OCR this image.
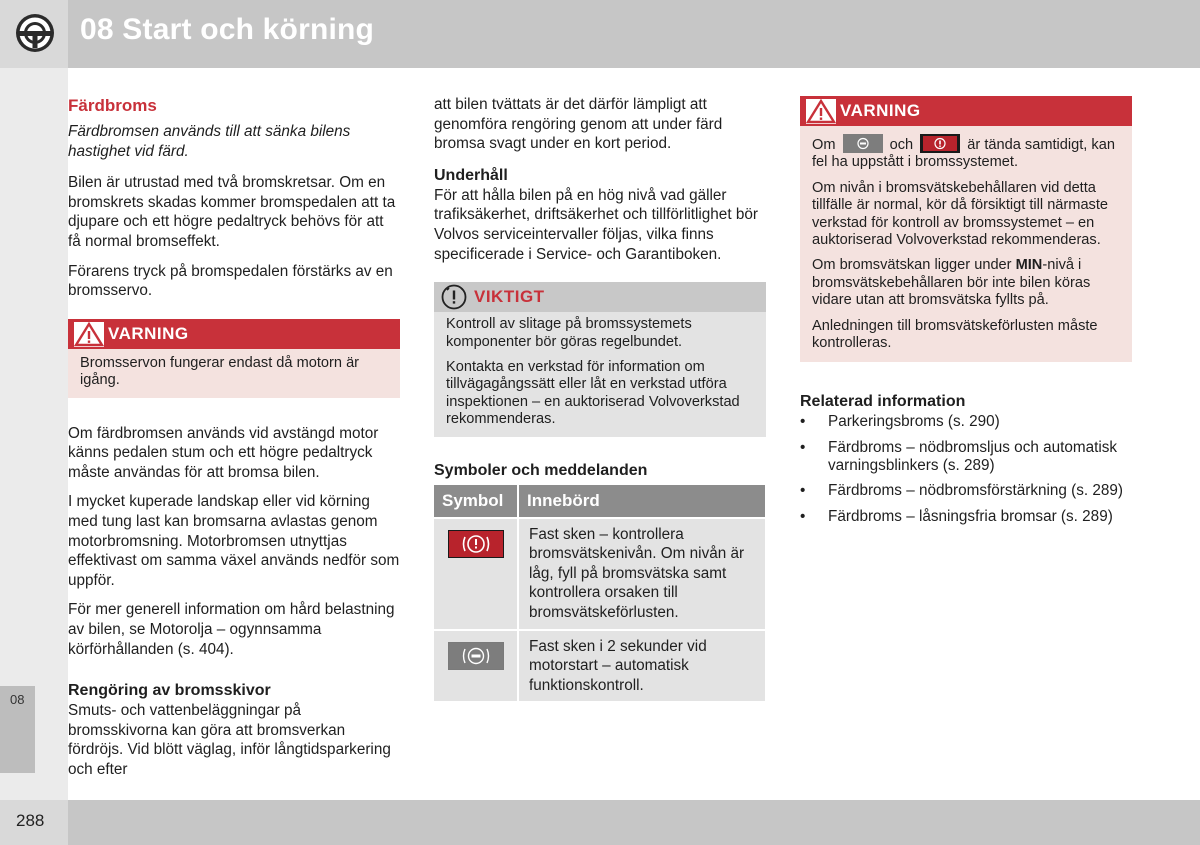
08 Start och körning
08
288
Färdbroms

Färdbromsen används till att sänka bilens hastighet vid färd.

Bilen är utrustad med två bromskretsar. Om en bromskrets skadas kommer bromspedalen att ta djupare och ett högre pedaltryck behövs för att få normal bromseffekt.

Förarens tryck på bromspedalen förstärks av en bromsservo.

VARNING

Bromsservon fungerar endast då motorn är igång.

Om färdbromsen används vid avstängd motor känns pedalen stum och ett högre pedaltryck måste användas för att bromsa bilen.

I mycket kuperade landskap eller vid körning med tung last kan bromsarna avlastas genom motorbromsning. Motorbromsen utnyttjas effektivast om samma växel används nedför som uppför.

För mer generell information om hård belastning av bilen, se Motorolja – ogynnsamma körförhållanden (s. 404).

Rengöring av bromsskivor

Smuts- och vattenbeläggningar på bromsskivorna kan göra att bromsverkan fördröjs. Vid blött väglag, inför långtidsparkering och efter

att bilen tvättats är det därför lämpligt att genomföra rengöring genom att under färd bromsa svagt under en kort period.

Underhåll

För att hålla bilen på en hög nivå vad gäller trafiksäkerhet, driftsäkerhet och tillförlitlighet bör Volvos serviceintervaller följas, vilka finns specificerade i Service- och Garantiboken.

VIKTIGT

Kontroll av slitage på bromssystemets komponenter bör göras regelbundet.

Kontakta en verkstad för information om tillvägagångssätt eller låt en verkstad utföra inspektionen – en auktoriserad Volvoverkstad rekommenderas.

Symboler och meddelanden
Symbol	Innebörd
	Fast sken – kontrollera bromsvätskenivån. Om nivån är låg, fyll på bromsvätska samt kontrollera orsaken till bromsvätskeförlusten.
	Fast sken i 2 sekunder vid motorstart – automatisk funktionskontroll.
VARNING

Om	och	är tända samtidigt, kan fel ha uppstått i bromssystemet.

Om nivån i bromsvätskebehållaren vid detta tillfälle är normal, kör då försiktigt till närmaste verkstad för kontroll av bromssystemet – en auktoriserad Volvoverkstad rekommenderas.

Om bromsvätskan ligger under MIN-nivå i bromsvätskebehållaren bör inte bilen köras vidare utan att bromsvätska fyllts på.

Anledningen till bromsvätskeförlusten måste kontrolleras.

Relaterad information
• Parkeringsbroms (s. 290)
• Färdbroms – nödbromsljus och automatisk varningsblinkers (s. 289)
• Färdbroms – nödbromsförstärkning (s. 289)
• Färdbroms – låsningsfria bromsar (s. 289)
